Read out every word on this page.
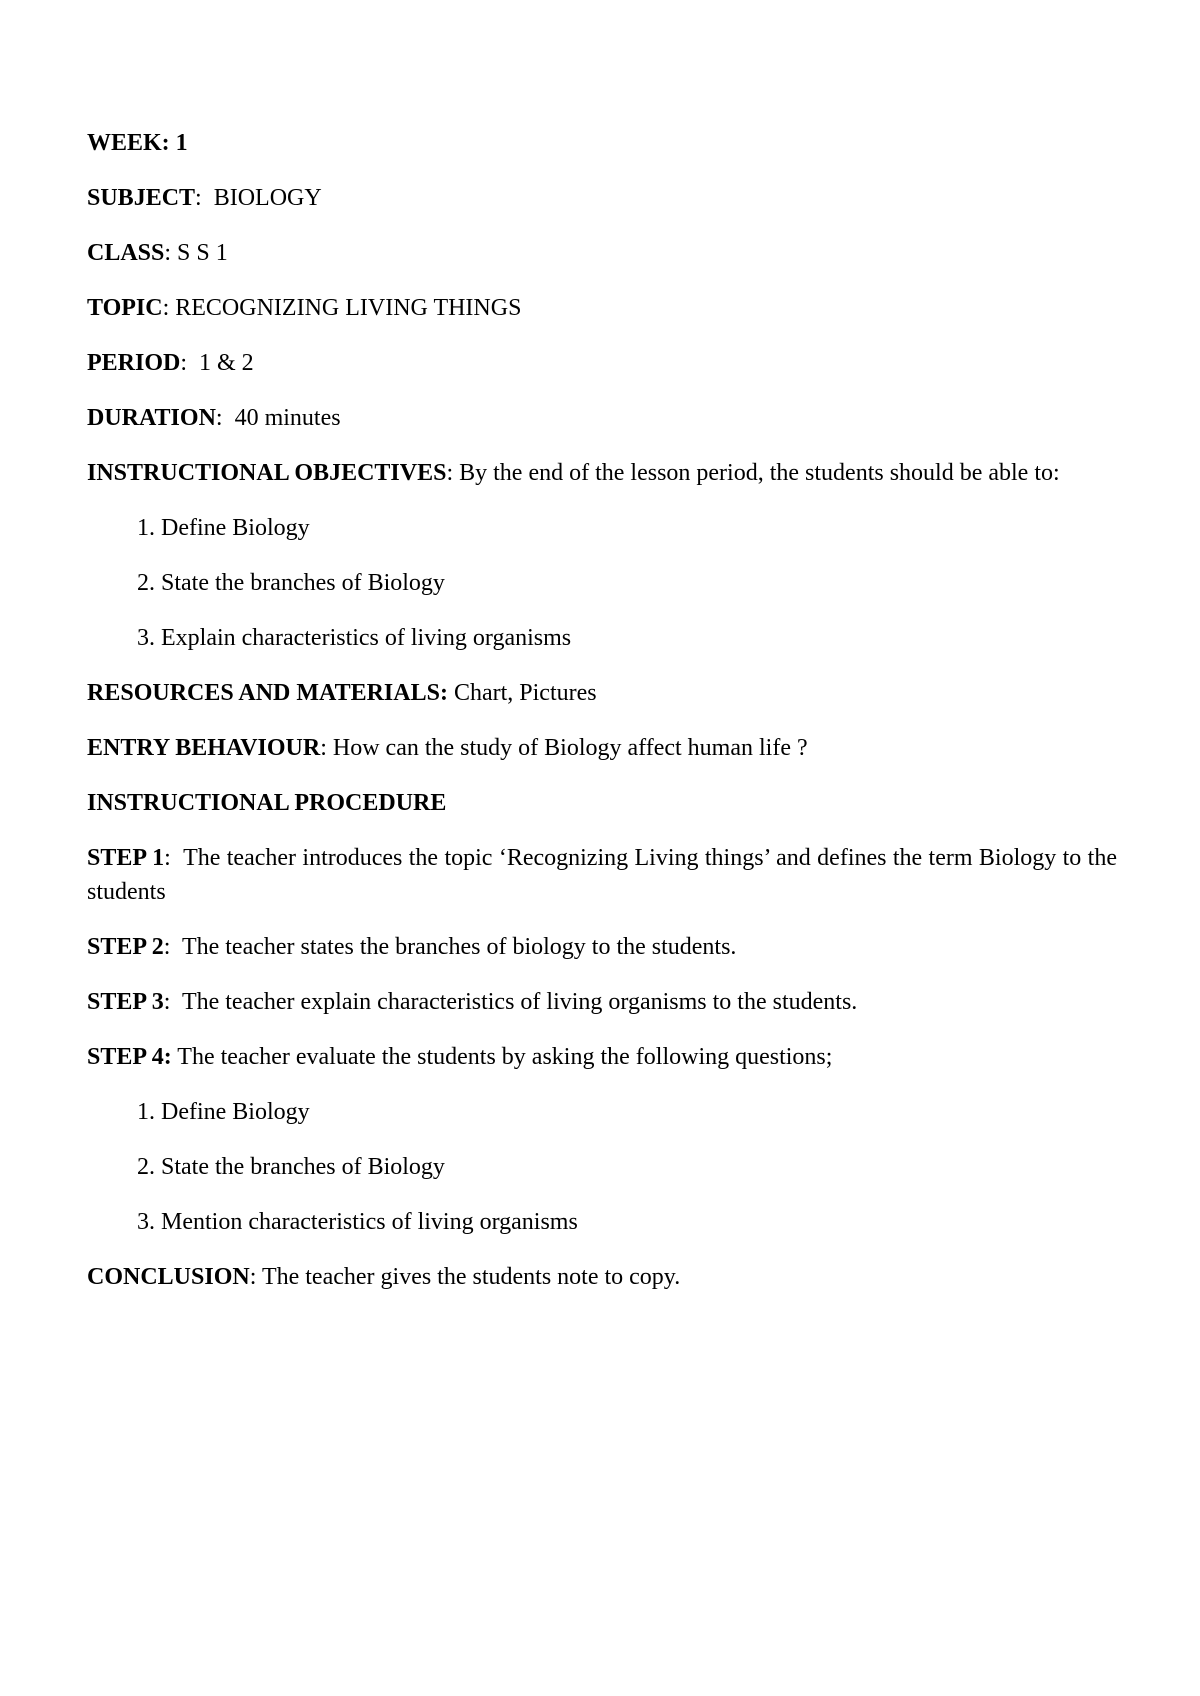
WEEK: 1

SUBJECT:  BIOLOGY

CLASS: S S 1

TOPIC: RECOGNIZING LIVING THINGS

PERIOD:  1 & 2

DURATION:  40 minutes

INSTRUCTIONAL OBJECTIVES: By the end of the lesson period, the students should be able to:

1. Define Biology
2. State the branches of Biology
3. Explain characteristics of living organisms

RESOURCES AND MATERIALS: Chart, Pictures

ENTRY BEHAVIOUR: How can the study of Biology affect human life ?

INSTRUCTIONAL PROCEDURE

STEP 1:  The teacher introduces the topic ‘Recognizing Living things’ and defines the term Biology to the students

STEP 2:  The teacher states the branches of biology to the students.

STEP 3:  The teacher explain characteristics of living organisms to the students.

STEP 4: The teacher evaluate the students by asking the following questions;

1. Define Biology
2. State the branches of Biology
3. Mention characteristics of living organisms

CONCLUSION: The teacher gives the students note to copy.
